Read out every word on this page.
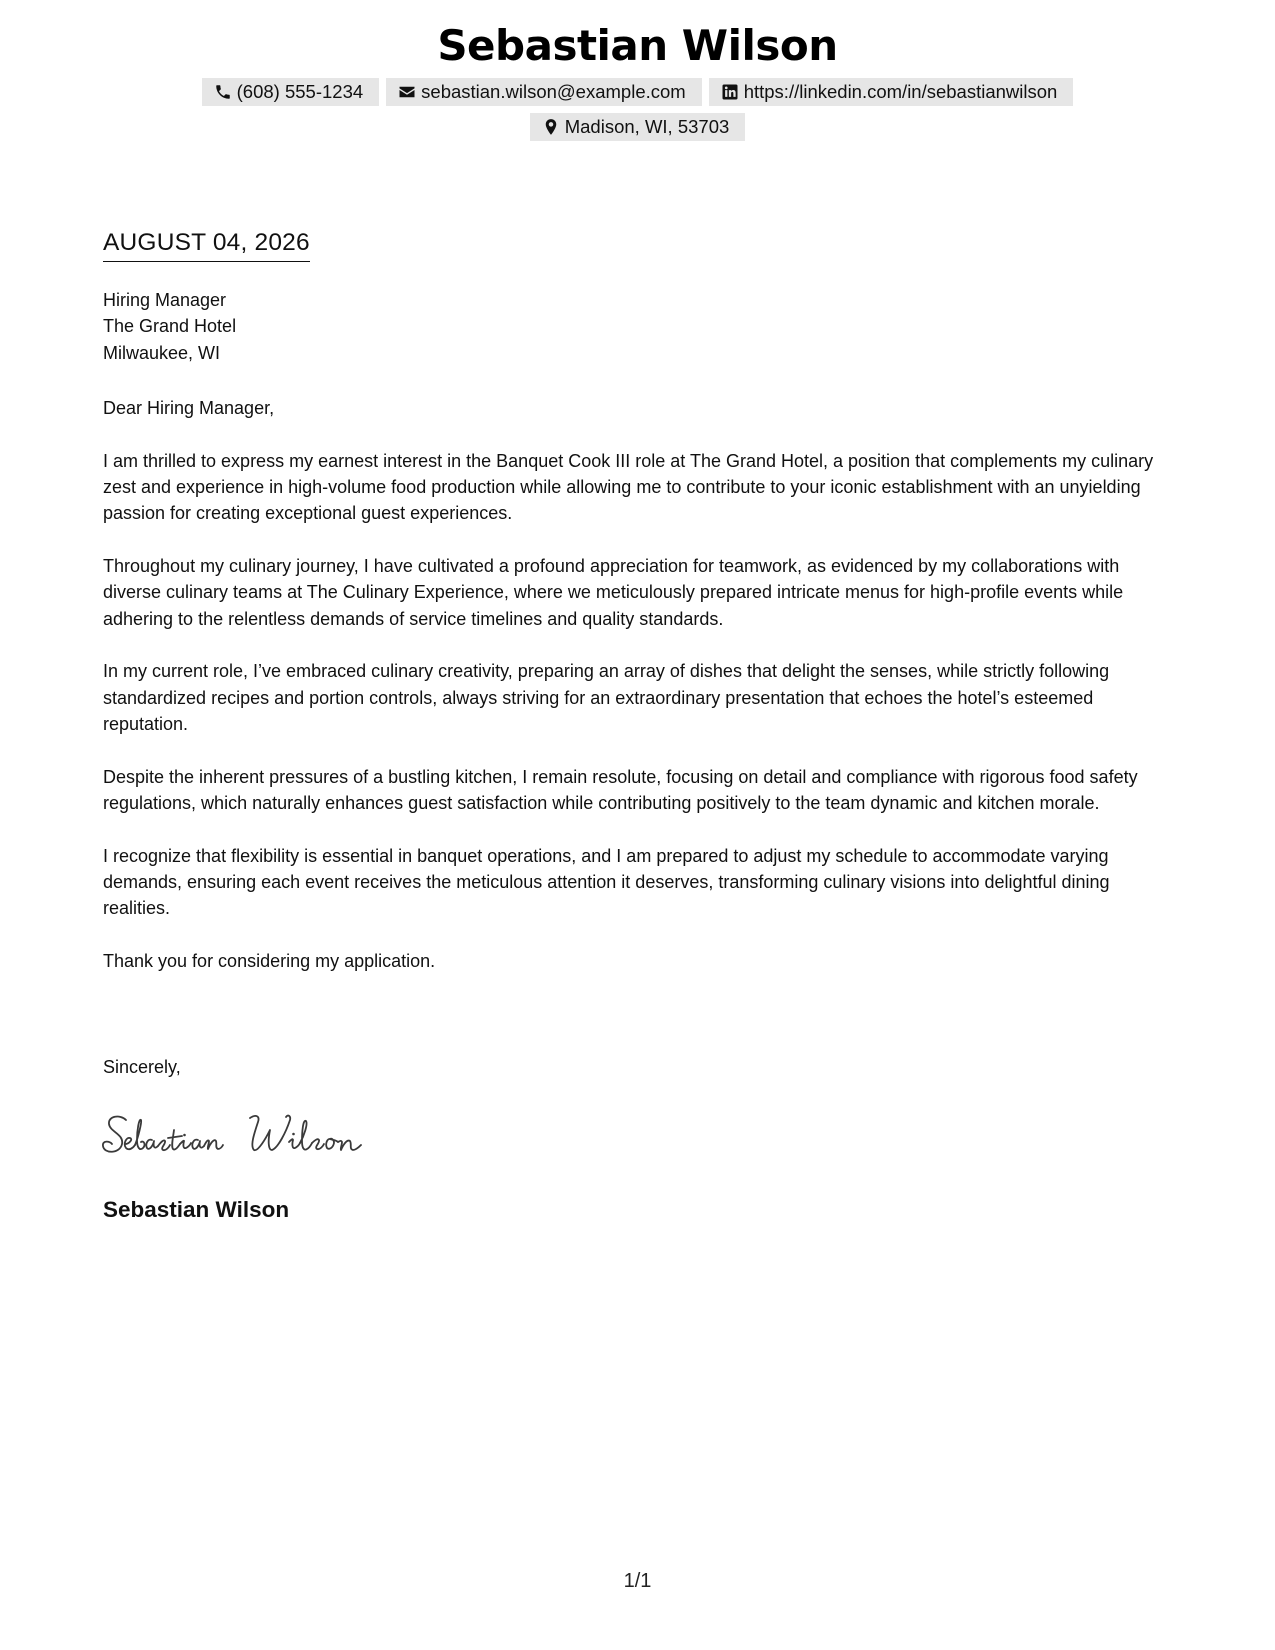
Sebastian Wilson
(608) 555-1234	sebastian.wilson@example.com	https://linkedin.com/in/sebastianwilson
Madison, WI, 53703
AUGUST 04, 2026
Hiring Manager
The Grand Hotel
Milwaukee, WI

Dear Hiring Manager,

I am thrilled to express my earnest interest in the Banquet Cook III role at The Grand Hotel, a position that complements my culinary zest and experience in high-volume food production while allowing me to contribute to your iconic establishment with an unyielding passion for creating exceptional guest experiences.

Throughout my culinary journey, I have cultivated a profound appreciation for teamwork, as evidenced by my collaborations with diverse culinary teams at The Culinary Experience, where we meticulously prepared intricate menus for high-profile events while adhering to the relentless demands of service timelines and quality standards.

In my current role, I’ve embraced culinary creativity, preparing an array of dishes that delight the senses, while strictly following standardized recipes and portion controls, always striving for an extraordinary presentation that echoes the hotel’s esteemed reputation.

Despite the inherent pressures of a bustling kitchen, I remain resolute, focusing on detail and compliance with rigorous food safety regulations, which naturally enhances guest satisfaction while contributing positively to the team dynamic and kitchen morale.

I recognize that flexibility is essential in banquet operations, and I am prepared to adjust my schedule to accommodate varying demands, ensuring each event receives the meticulous attention it deserves, transforming culinary visions into delightful dining realities.

Thank you for considering my application.

Sincerely,
Sebastian Wilson
1/1
